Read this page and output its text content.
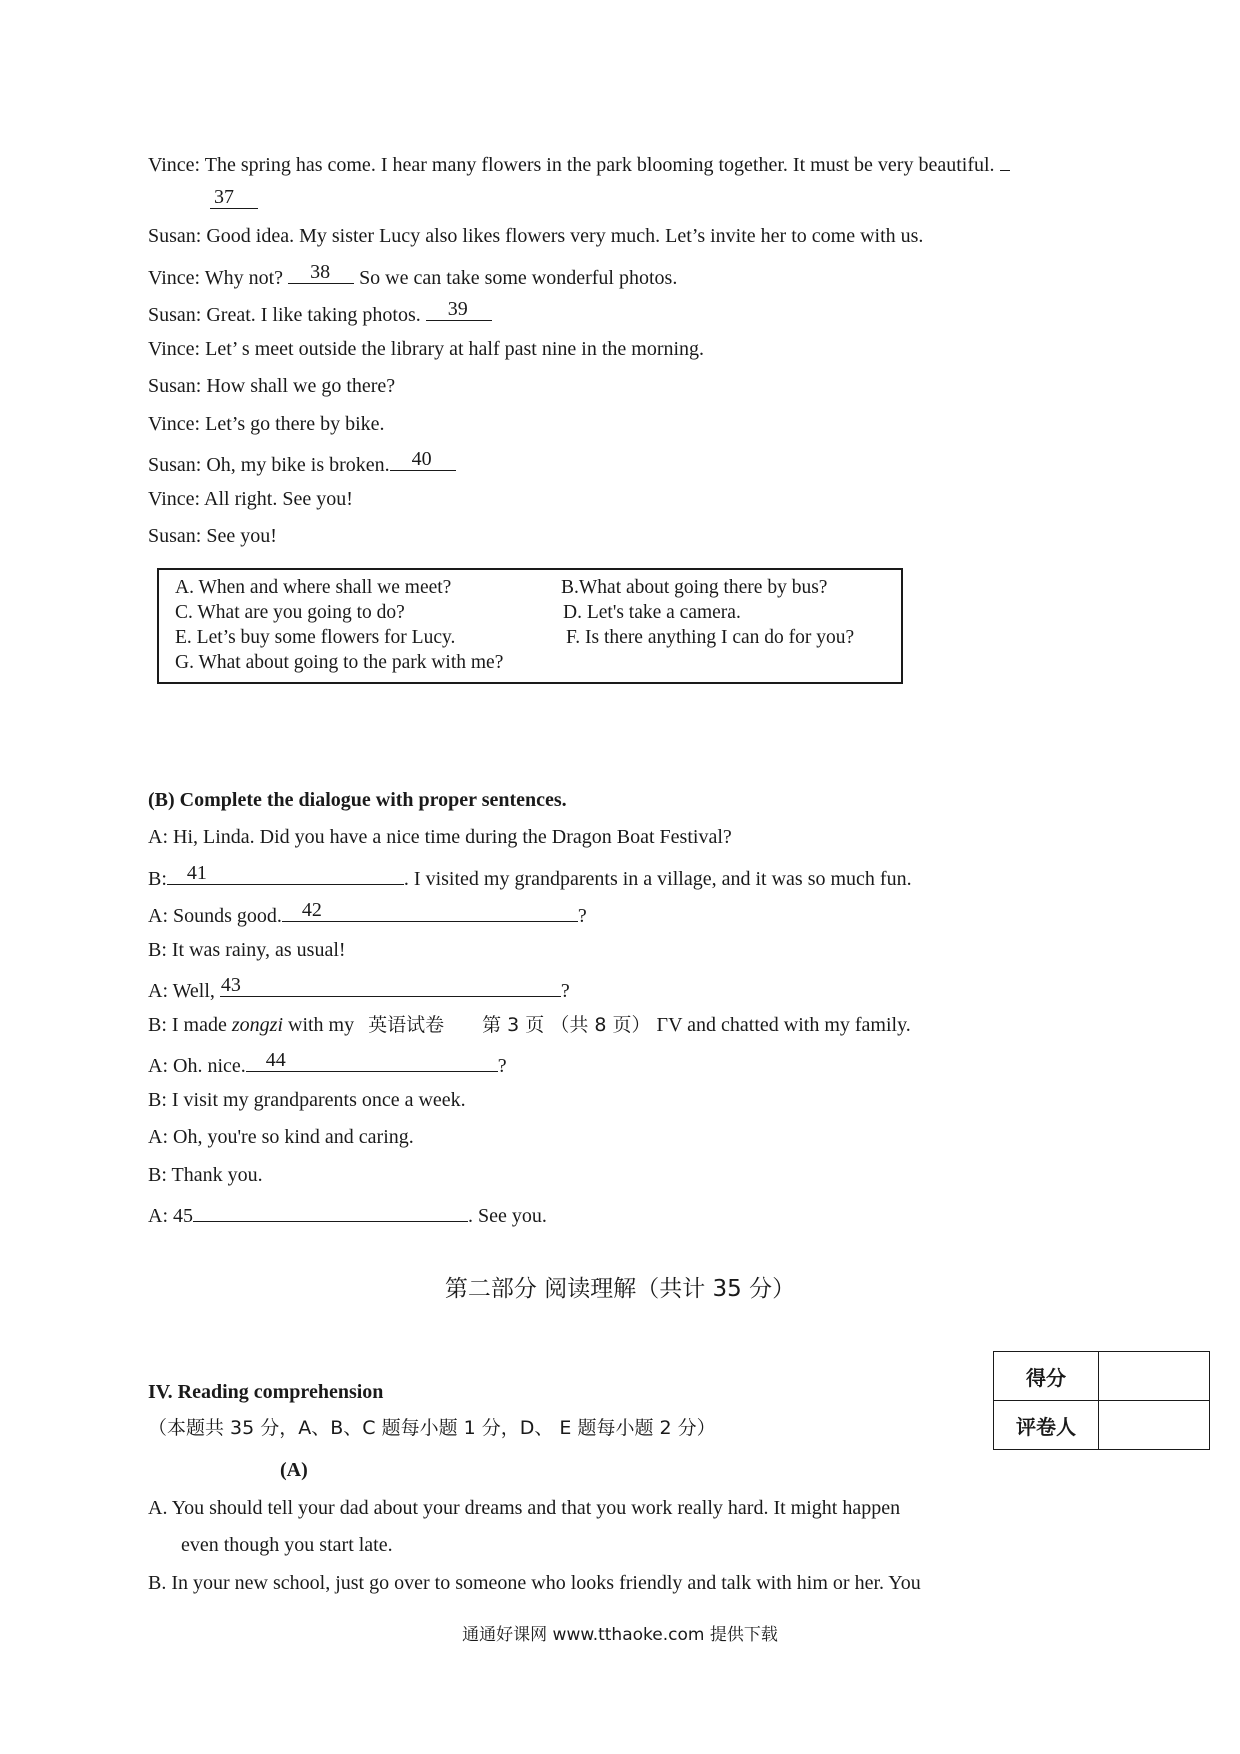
Vince: The spring has come. I hear many flowers in the park blooming together. It must be very beautiful.
37
Susan: Good idea. My sister Lucy also likes flowers very much. Let’s invite her to come with us.
Vince: Why not? 38 So we can take some wonderful photos.
Susan: Great. I like taking photos. 39
Vince: Let’ s meet outside the library at half past nine in the morning.
Susan: How shall we go there?
Vince: Let’s go there by bike.
Susan: Oh, my bike is broken. 40
Vince: All right. See you!
Susan: See you!
A. When and where shall we meet?	B.What about going there by bus?
C. What are you going to do?	D. Let's take a camera.
E. Let’s buy some flowers for Lucy.	F. Is there anything I can do for you?
G. What about going to the park with me?
(B) Complete the dialogue with proper sentences.
A: Hi, Linda. Did you have a nice time during the Dragon Boat Festival?
B: 41	. I visited my grandparents in a village, and it was so much fun.
A: Sounds good. 42	?
B: It was rainy, as usual!
A: Well, 43	?
B: I made zongzi with my 英语试卷　　第 3 页 （共 8 页） ΓV and chatted with my family.
A: Oh. nice. 44	?
B: I visit my grandparents once a week.
A: Oh, you're so kind and caring.
B: Thank you.
A: 45	. See you.
第二部分 阅读理解（共计 35 分）
IV. Reading comprehension
（本题共 35 分，A、B、C 题每小题 1 分，D、 E 题每小题 2 分）
(A)
A. You should tell your dad about your dreams and that you work really hard. It might happen
even though you start late.
B. In your new school, just go over to someone who looks friendly and talk with him or her. You
得分	
评卷人	
通通好课网 www.tthaoke.com 提供下载
